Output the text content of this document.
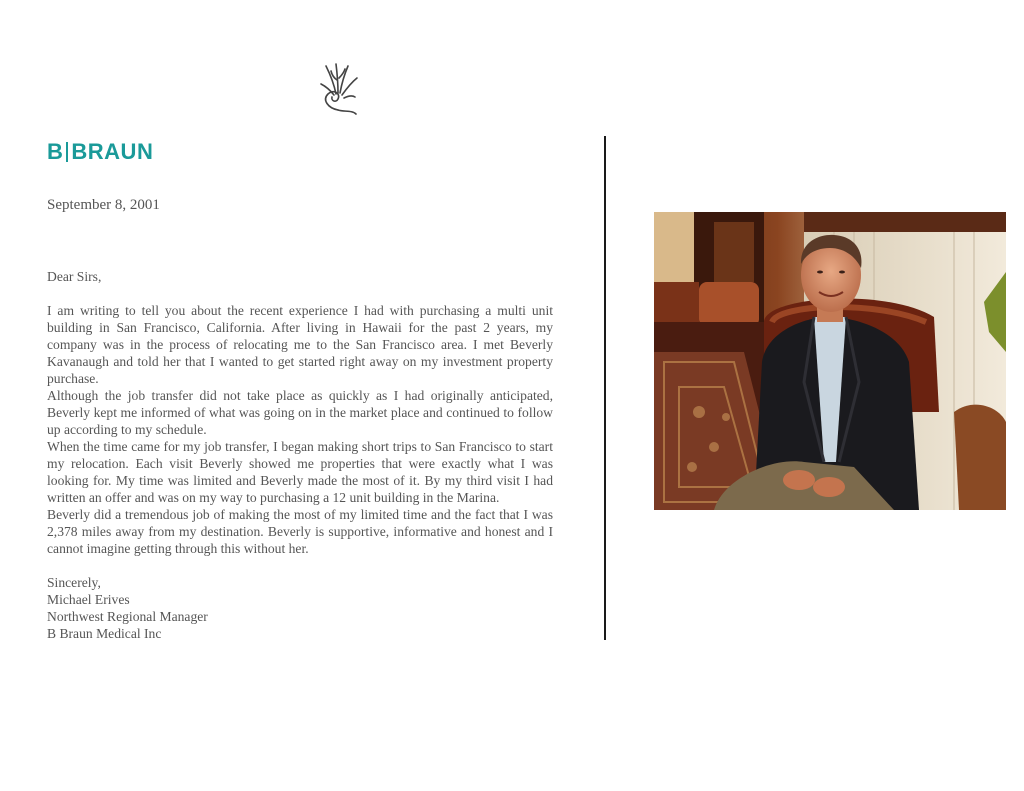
B BRAUN
September 8, 2001
Dear Sirs,

I am writing to tell you about the recent experience I had with purchasing a multi unit building in San Francisco, California. After living in Hawaii for the past 2 years, my company was in the process of relocating me to the San Francisco area. I met Beverly Kavanaugh and told her that I wanted to get started right away on my investment property purchase.

Although the job transfer did not take place as quickly as I had originally anticipated, Beverly kept me informed of what was going on in the market place and continued to follow up according to my schedule.

When the time came for my job transfer, I began making short trips to San Francisco to start my relocation. Each visit Beverly showed me properties that were exactly what I was looking for. My time was limited and Beverly made the most of it. By my third visit I had written an offer and was on my way to purchasing a 12 unit building in the Marina.

Beverly did a tremendous job of making the most of my limited time and the fact that I was 2,378 miles away from my destination. Beverly is supportive, informative and honest and I cannot imagine getting through this without her.

Sincerely,
Michael Erives
Northwest Regional Manager
B Braun Medical Inc
